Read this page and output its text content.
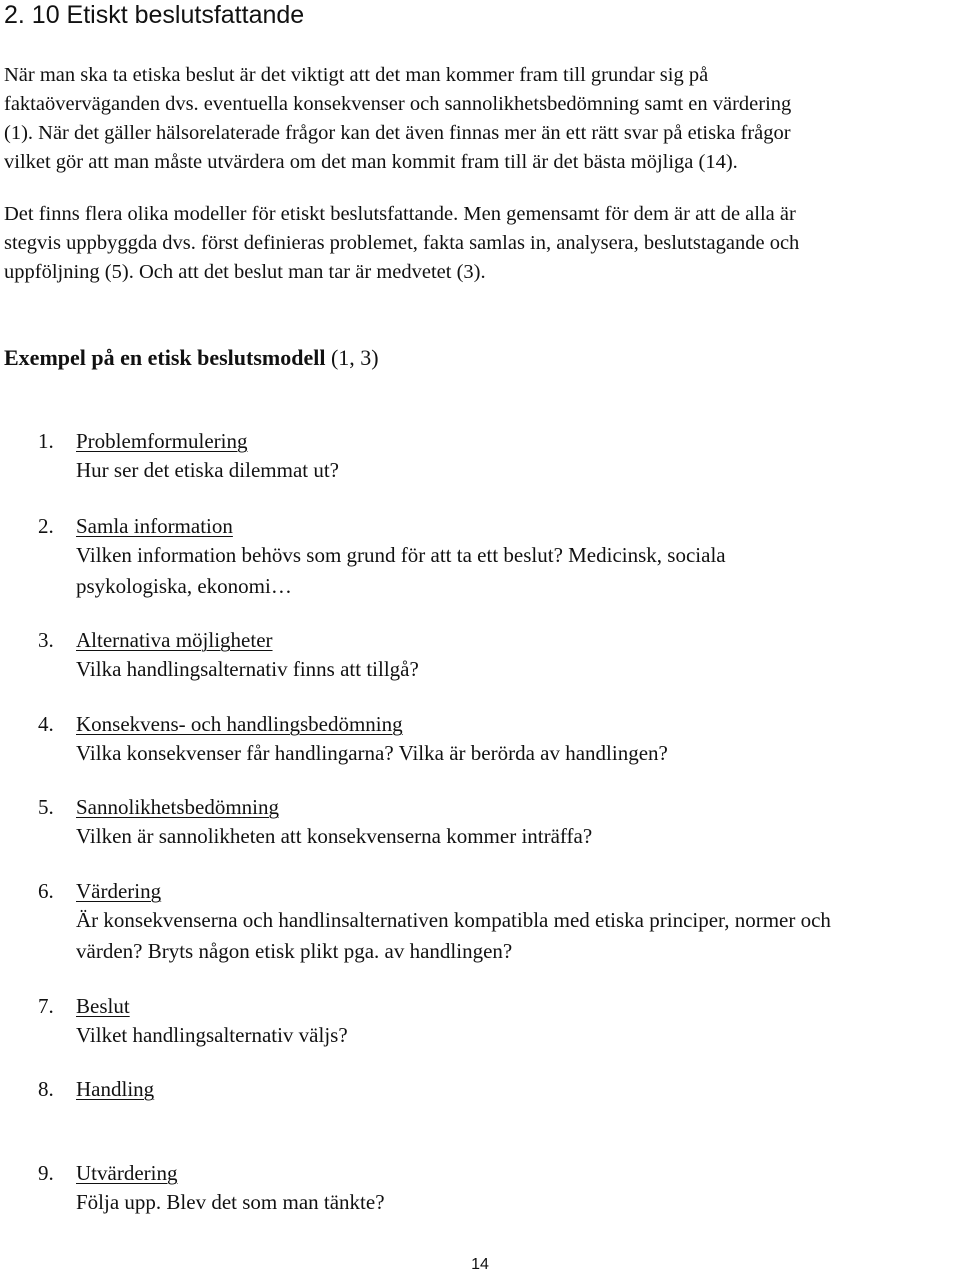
2. 10 Etiskt beslutsfattande

När man ska ta etiska beslut är det viktigt att det man kommer fram till grundar sig på
faktaöverväganden dvs. eventuella konsekvenser och sannolikhetsbedömning samt en värdering
(1). När det gäller hälsorelaterade frågor kan det även finnas mer än ett rätt svar på etiska frågor
vilket gör att man måste utvärdera om det man kommit fram till är det bästa möjliga (14).

Det finns flera olika modeller för etiskt beslutsfattande. Men gemensamt för dem är att de alla är
stegvis uppbyggda dvs. först definieras problemet, fakta samlas in, analysera, beslutstagande och
uppföljning (5). Och att det beslut man tar är medvetet (3).

Exempel på en etisk beslutsmodell (1, 3)

1. Problemformulering

Hur ser det etiska dilemmat ut?

2. Samla information

Vilken information behövs som grund för att ta ett beslut? Medicinsk, sociala
psykologiska, ekonomi…

3. Alternativa möjligheter

Vilka handlingsalternativ finns att tillgå?

4. Konsekvens- och handlingsbedömning

Vilka konsekvenser får handlingarna? Vilka är berörda av handlingen?

5. Sannolikhetsbedömning

Vilken är sannolikheten att konsekvenserna kommer inträffa?

6. Värdering

Är konsekvenserna och handlinsalternativen kompatibla med etiska principer, normer och
värden? Bryts någon etisk plikt pga. av handlingen?

7. Beslut

Vilket handlingsalternativ väljs?

8. Handling
9. Utvärdering

Följa upp. Blev det som man tänkte?

14
